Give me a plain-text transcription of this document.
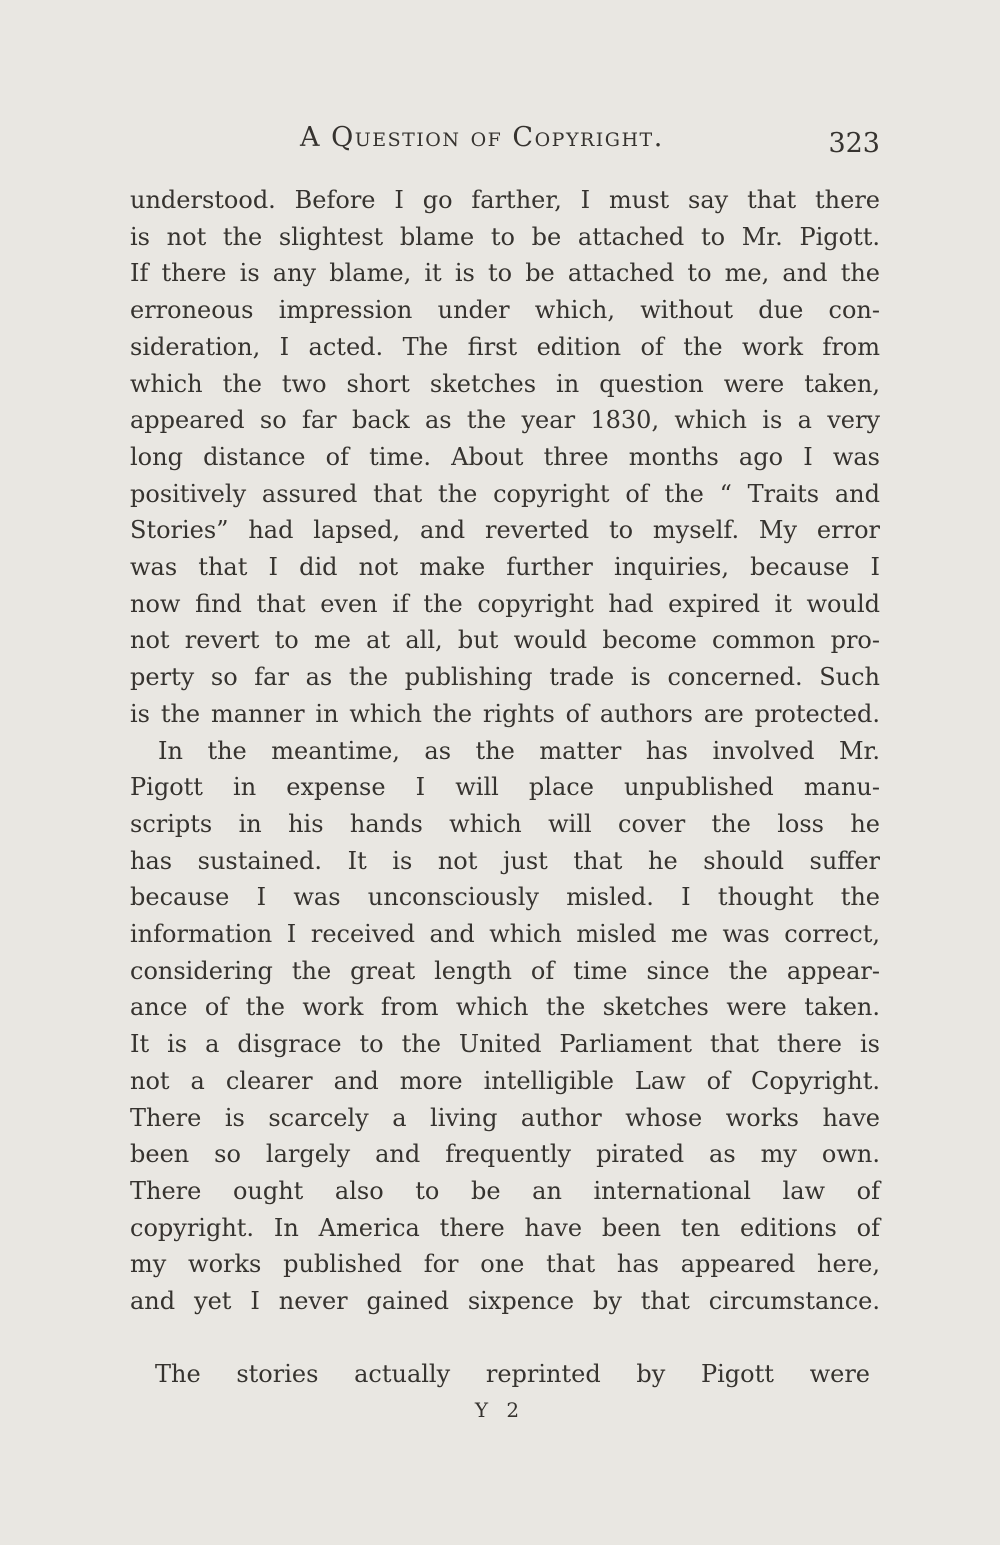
A Question of Copyright.	323
understood. Before I go farther, I must say that there
is not the slightest blame to be attached to Mr. Pigott.
If there is any blame, it is to be attached to me, and the
erroneous impression under which, without due con-
sideration, I acted. The first edition of the work from
which the two short sketches in question were taken,
appeared so far back as the year 1830, which is a very
long distance of time. About three months ago I was
positively assured that the copyright of the “ Traits and
Stories” had lapsed, and reverted to myself. My error
was that I did not make further inquiries, because I
now find that even if the copyright had expired it would
not revert to me at all, but would become common pro-
perty so far as the publishing trade is concerned. Such
is the manner in which the rights of authors are protected.
In the meantime, as the matter has involved Mr.
Pigott in expense I will place unpublished manu-
scripts in his hands which will cover the loss he
has sustained. It is not just that he should suffer
because I was unconsciously misled. I thought the
information I received and which misled me was correct,
considering the great length of time since the appear-
ance of the work from which the sketches were taken.
It is a disgrace to the United Parliament that there is
not a clearer and more intelligible Law of Copyright.
There is scarcely a living author whose works have
been so largely and frequently pirated as my own.
There ought also to be an international law of
copyright. In America there have been ten editions of
my works published for one that has appeared here,
and yet I never gained sixpence by that circumstance.
The stories actually reprinted by Pigott were
Y 2
